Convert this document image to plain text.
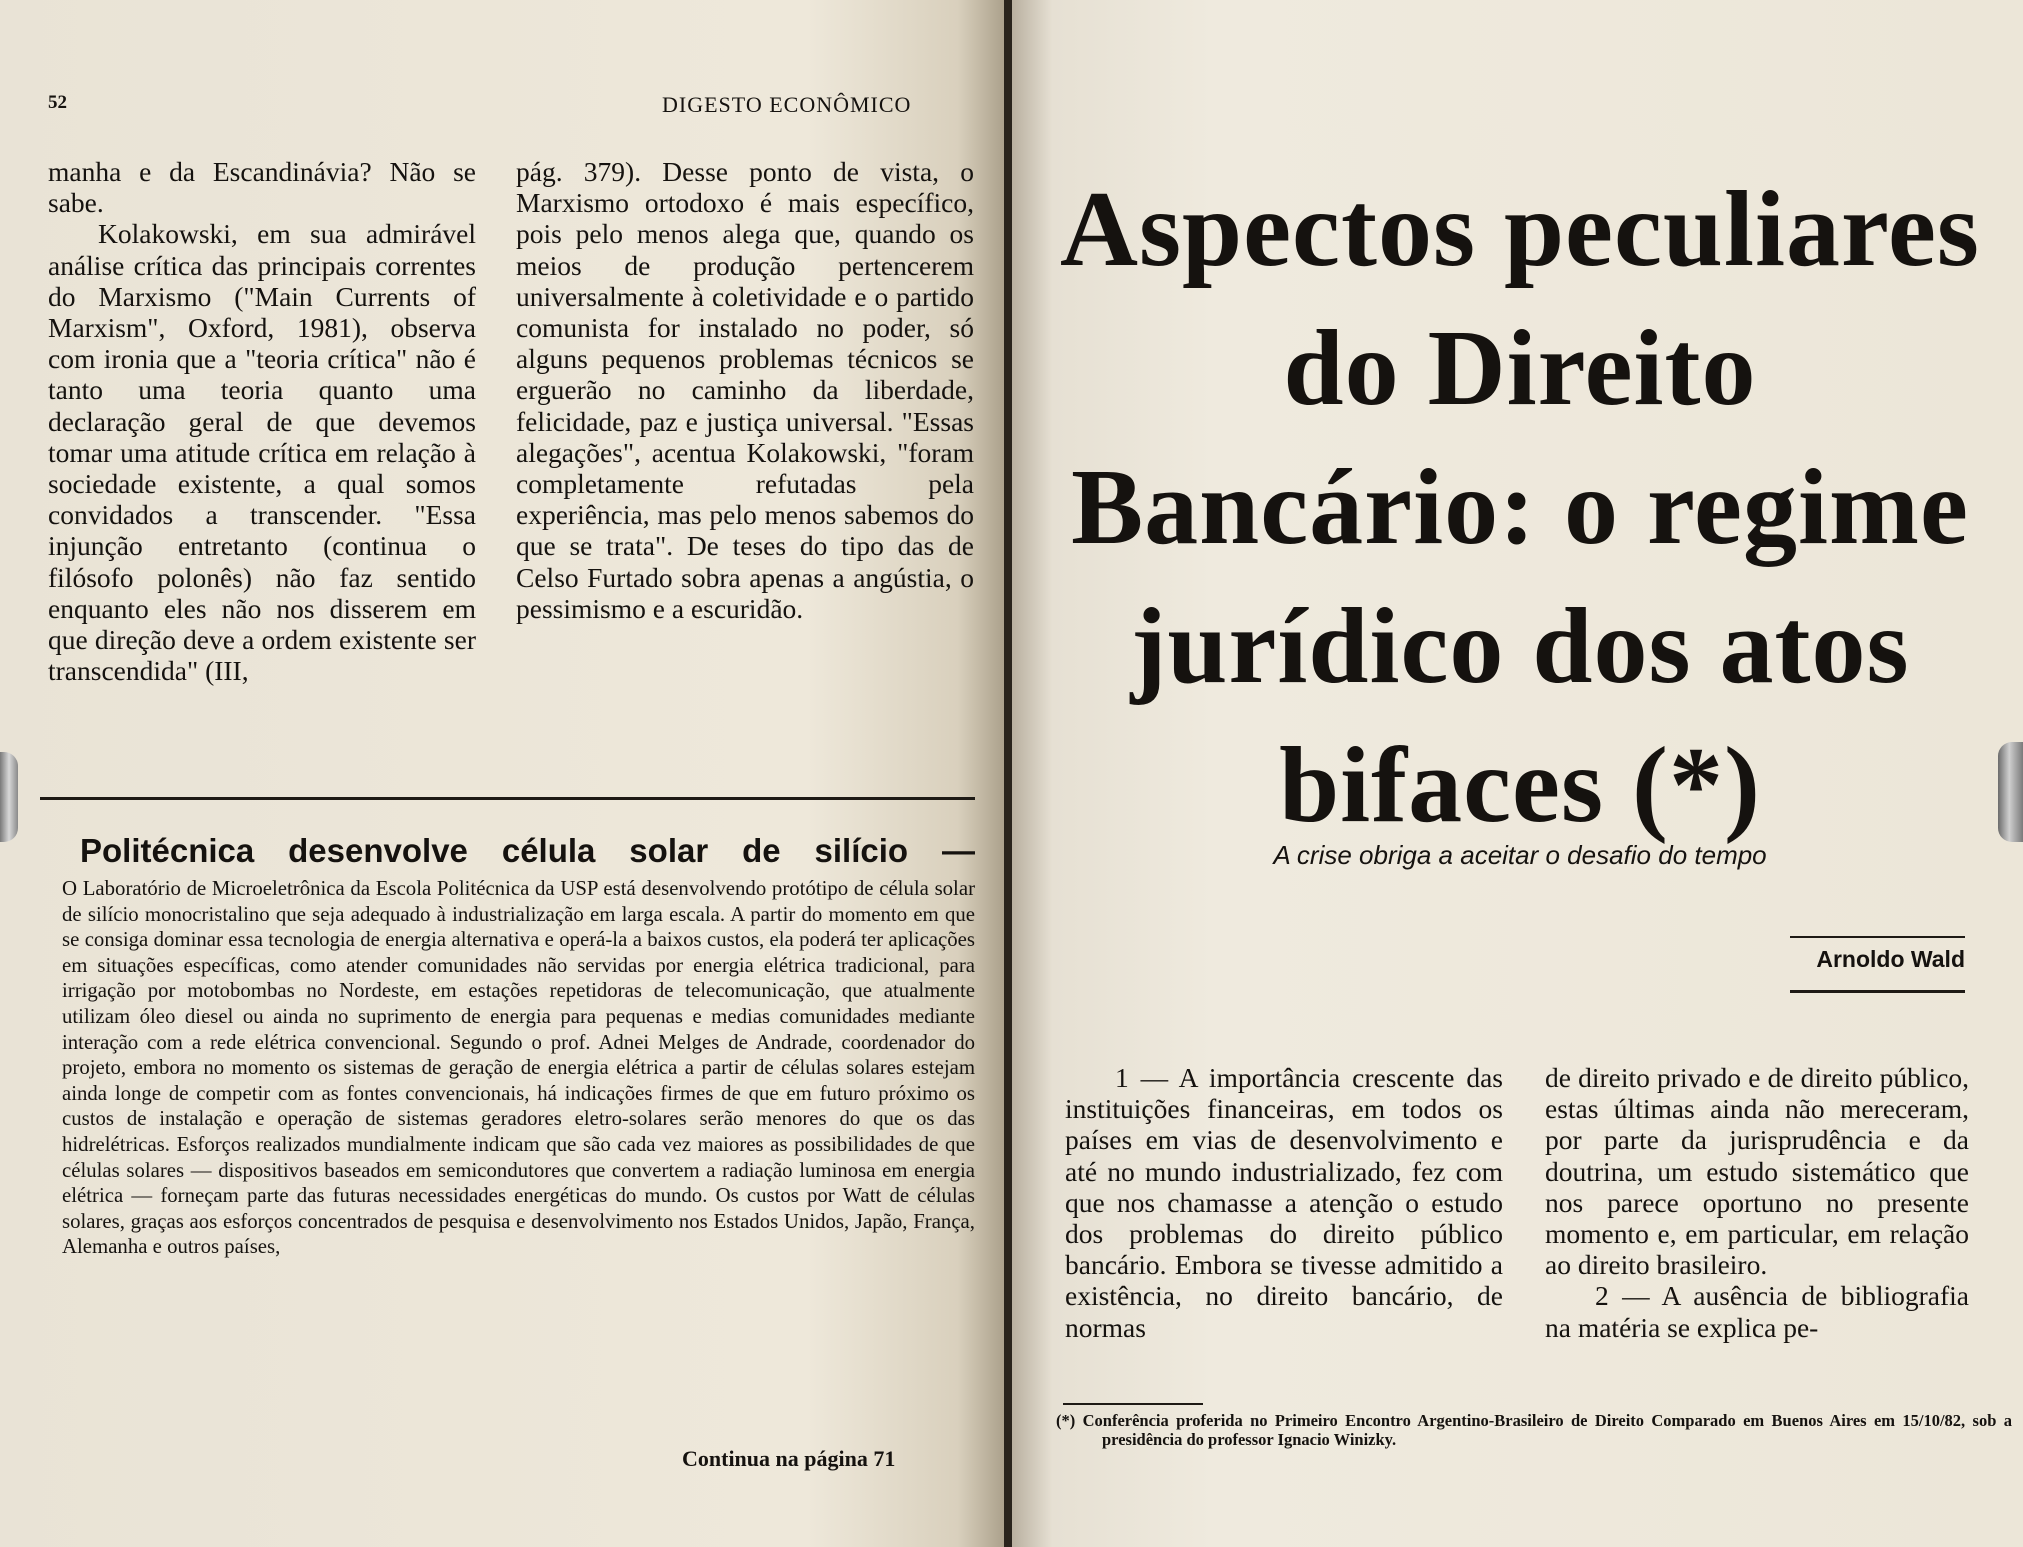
52	DIGESTO ECONÔMICO

manha e da Escandinávia? Não se sabe.

Kolakowski, em sua admirável análise crítica das principais correntes do Marxismo ("Main Currents of Marxism", Oxford, 1981), observa com ironia que a "teoria crítica" não é tanto uma teoria quanto uma declaração geral de que devemos tomar uma atitude crítica em relação à sociedade existente, a qual somos convidados a transcender. "Essa injunção entretanto (continua o filósofo polonês) não faz sentido enquanto eles não nos disserem em que direção deve a ordem existente ser transcendida" (III,

pág. 379). Desse ponto de vista, o Marxismo ortodoxo é mais específico, pois pelo menos alega que, quando os meios de produção pertencerem universalmente à coletividade e o partido comunista for instalado no poder, só alguns pequenos problemas técnicos se erguerão no caminho da liberdade, felicidade, paz e justiça universal. "Essas alegações", acentua Kolakowski, "foram completamente refutadas pela experiência, mas pelo menos sabemos do que se trata". De teses do tipo das de Celso Furtado sobra apenas a angústia, o pessimismo e a escuridão.

Politécnica desenvolve célula solar de silício —
O Laboratório de Microeletrônica da Escola Politécnica da USP está desenvolvendo protótipo de célula solar de silício monocristalino que seja adequado à industrialização em larga escala. A partir do momento em que se consiga dominar essa tecnologia de energia alternativa e operá-la a baixos custos, ela poderá ter aplicações em situações específicas, como atender comunidades não servidas por energia elétrica tradicional, para irrigação por motobombas no Nordeste, em estações repetidoras de telecomunicação, que atualmente utilizam óleo diesel ou ainda no suprimento de energia para pequenas e medias comunidades mediante interação com a rede elétrica convencional. Segundo o prof. Adnei Melges de Andrade, coordenador do projeto, embora no momento os sistemas de geração de energia elétrica a partir de células solares estejam ainda longe de competir com as fontes convencionais, há indicações firmes de que em futuro próximo os custos de instalação e operação de sistemas geradores eletro-solares serão menores do que os das hidrelétricas. Esforços realizados mundialmente indicam que são cada vez maiores as possibilidades de que células solares — dispositivos baseados em semicondutores que convertem a radiação luminosa em energia elétrica — forneçam parte das futuras necessidades energéticas do mundo. Os custos por Watt de células solares, graças aos esforços concentrados de pesquisa e desenvolvimento nos Estados Unidos, Japão, França, Alemanha e outros países,
Continua na página 71
Aspectos peculiares do Direito Bancário: o regime jurídico dos atos bifaces (*)
A crise obriga a aceitar o desafio do tempo
Arnoldo Wald

1 — A importância crescente das instituições financeiras, em todos os países em vias de desenvolvimento e até no mundo industrializado, fez com que nos chamasse a atenção o estudo dos problemas do direito público bancário. Embora se tivesse admitido a existência, no direito bancário, de normas

de direito privado e de direito público, estas últimas ainda não mereceram, por parte da jurisprudência e da doutrina, um estudo sistemático que nos parece oportuno no presente momento e, em particular, em relação ao direito brasileiro.

2 — A ausência de bibliografia na matéria se explica pe-

(*) Conferência proferida no Primeiro Encontro Argentino-Brasileiro de Direito Comparado em Buenos Aires em 15/10/82, sob a presidência do professor Ignacio Winizky.
